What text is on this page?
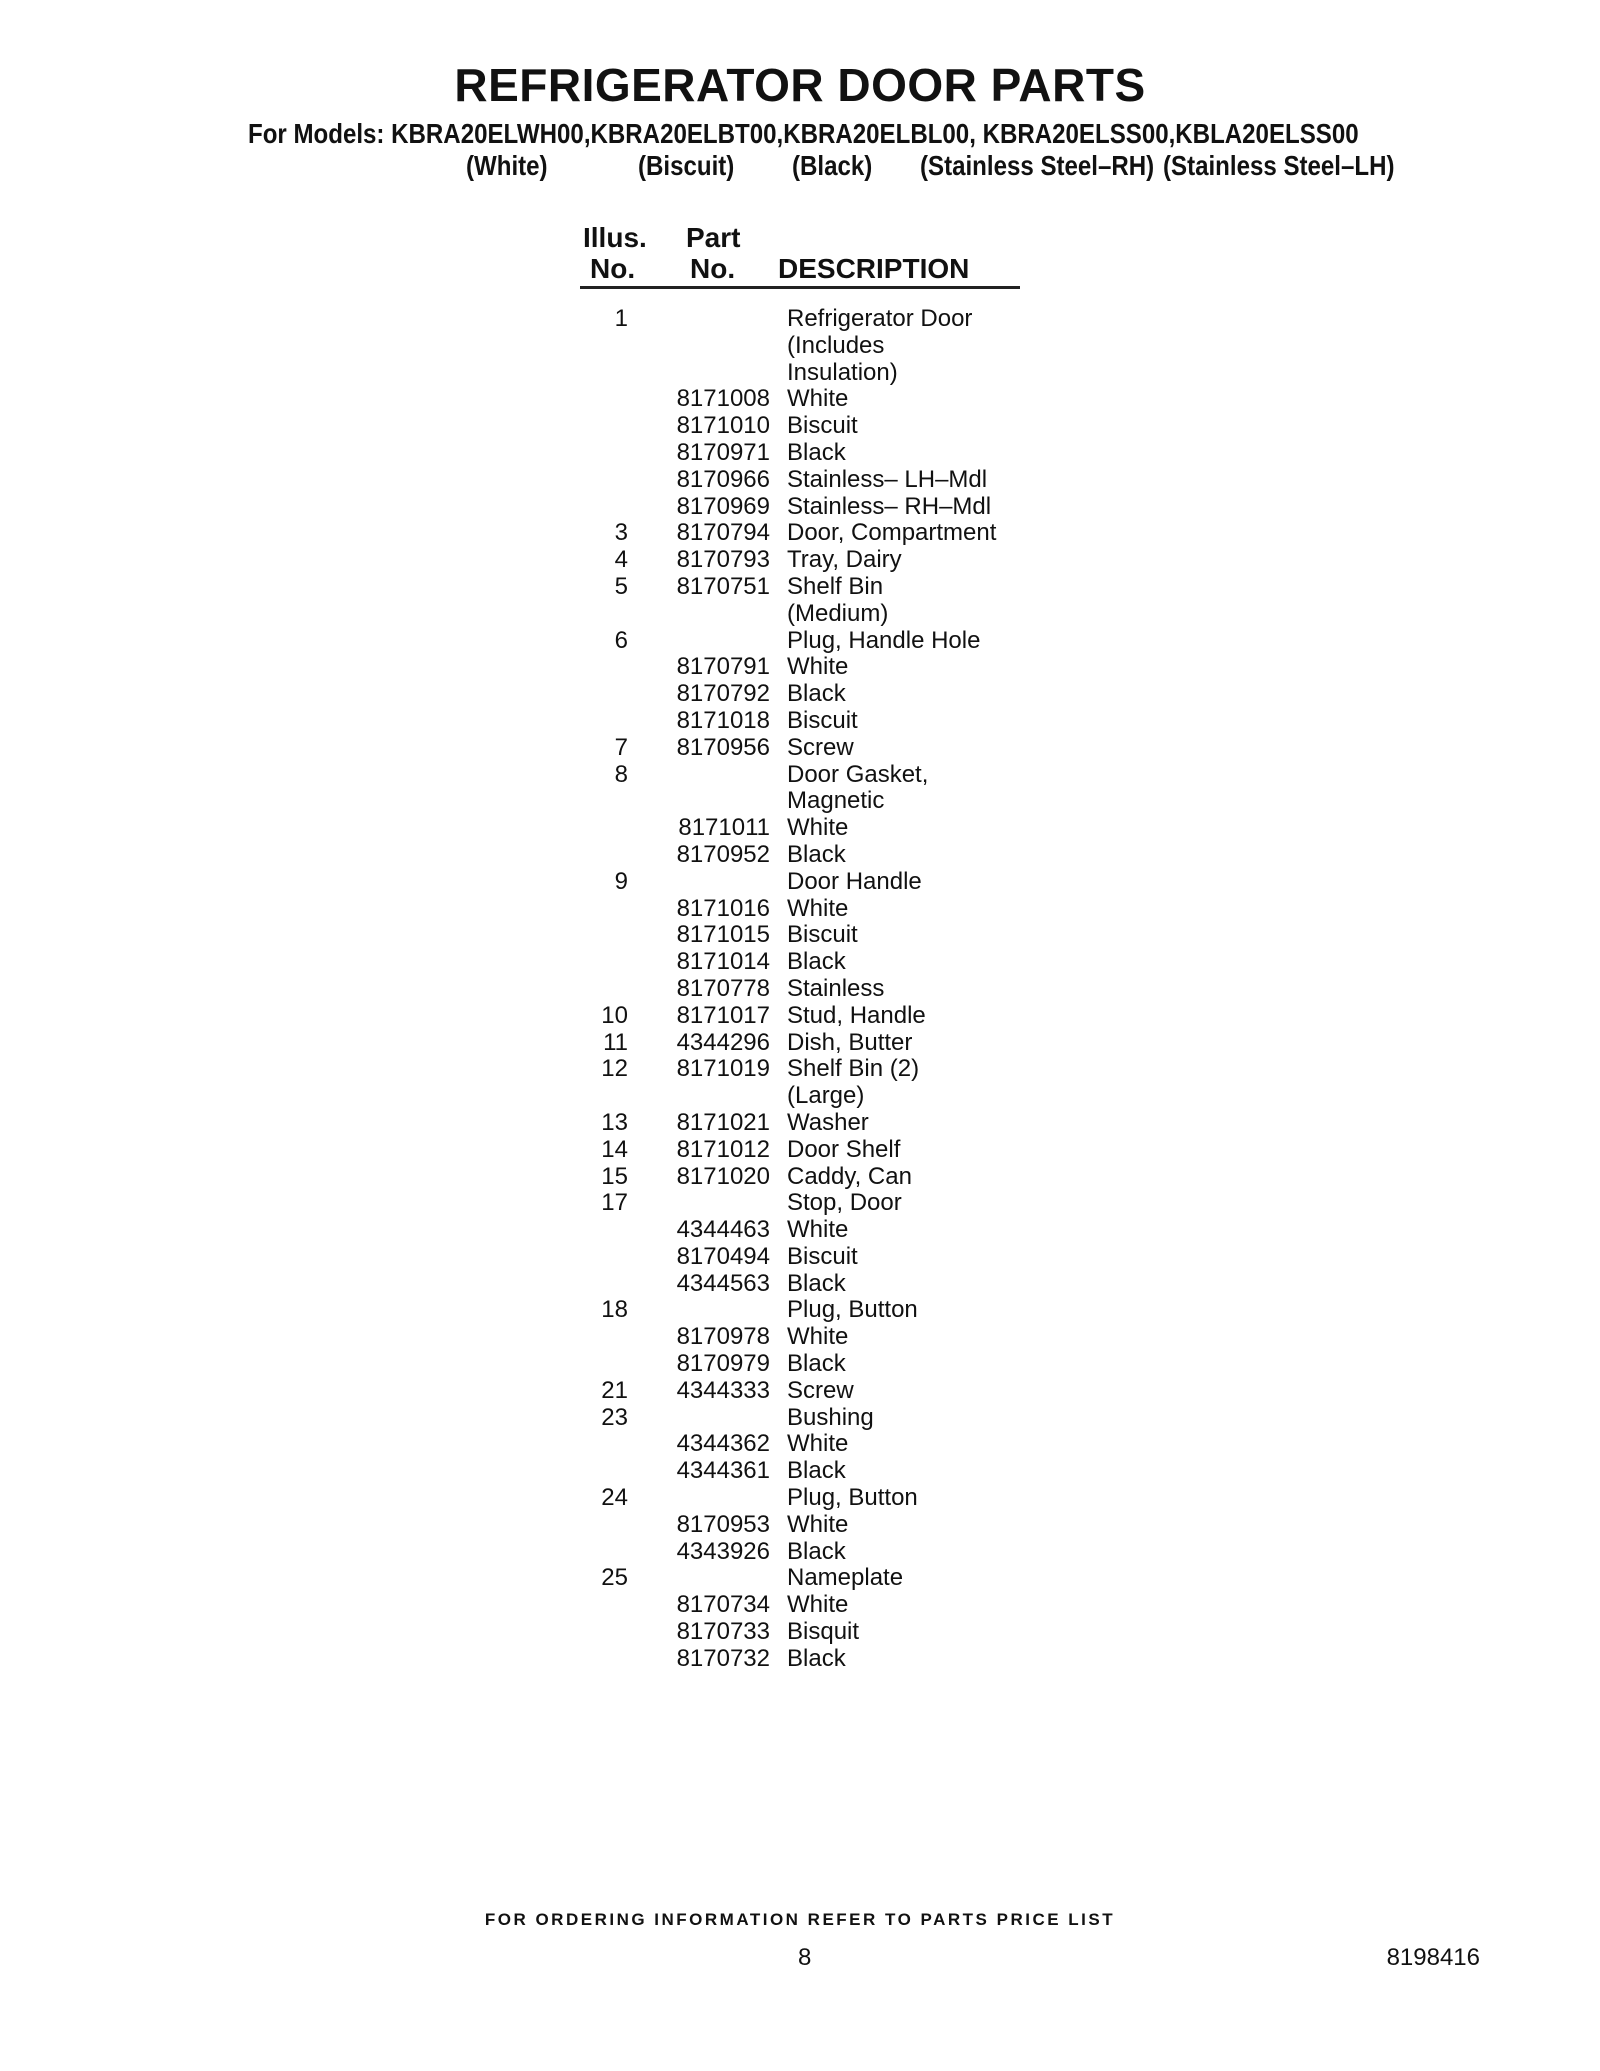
REFRIGERATOR DOOR PARTS
For Models: KBRA20ELWH00,KBRA20ELBT00,KBRA20ELBL00, KBRA20ELSS00,KBLA20ELSS00
(White)	(Biscuit) (Black) (Stainless Steel–RH) (Stainless Steel–LH)
Illus.
No.
Part
No. DESCRIPTION
1	Refrigerator Door
(Includes
Insulation)
8171008 White
8171010 Biscuit
8170971 Black
8170966 Stainless– LH–Mdl
8170969 Stainless– RH–Mdl
3	8170794 Door, Compartment
4	8170793 Tray, Dairy
5	8170751 Shelf Bin
(Medium)
6	Plug, Handle Hole
8170791 White
8170792 Black
8171018 Biscuit
7	8170956 Screw
8	Door Gasket,
Magnetic
8171011 White
8170952 Black
9	Door Handle
8171016 White
8171015 Biscuit
8171014 Black
8170778 Stainless
10	8171017 Stud, Handle
11	4344296 Dish, Butter
12	8171019 Shelf Bin (2)
(Large)
13	8171021 Washer
14	8171012 Door Shelf
15	8171020 Caddy, Can
17	Stop, Door
4344463 White
8170494 Biscuit
4344563 Black
18	Plug, Button
8170978 White
8170979 Black
21	4344333 Screw
23	Bushing
4344362 White
4344361 Black
24	Plug, Button
8170953 White
4343926 Black
25	Nameplate
8170734 White
8170733 Bisquit
8170732 Black
FOR ORDERING INFORMATION REFER TO PARTS PRICE LIST
8	8198416
